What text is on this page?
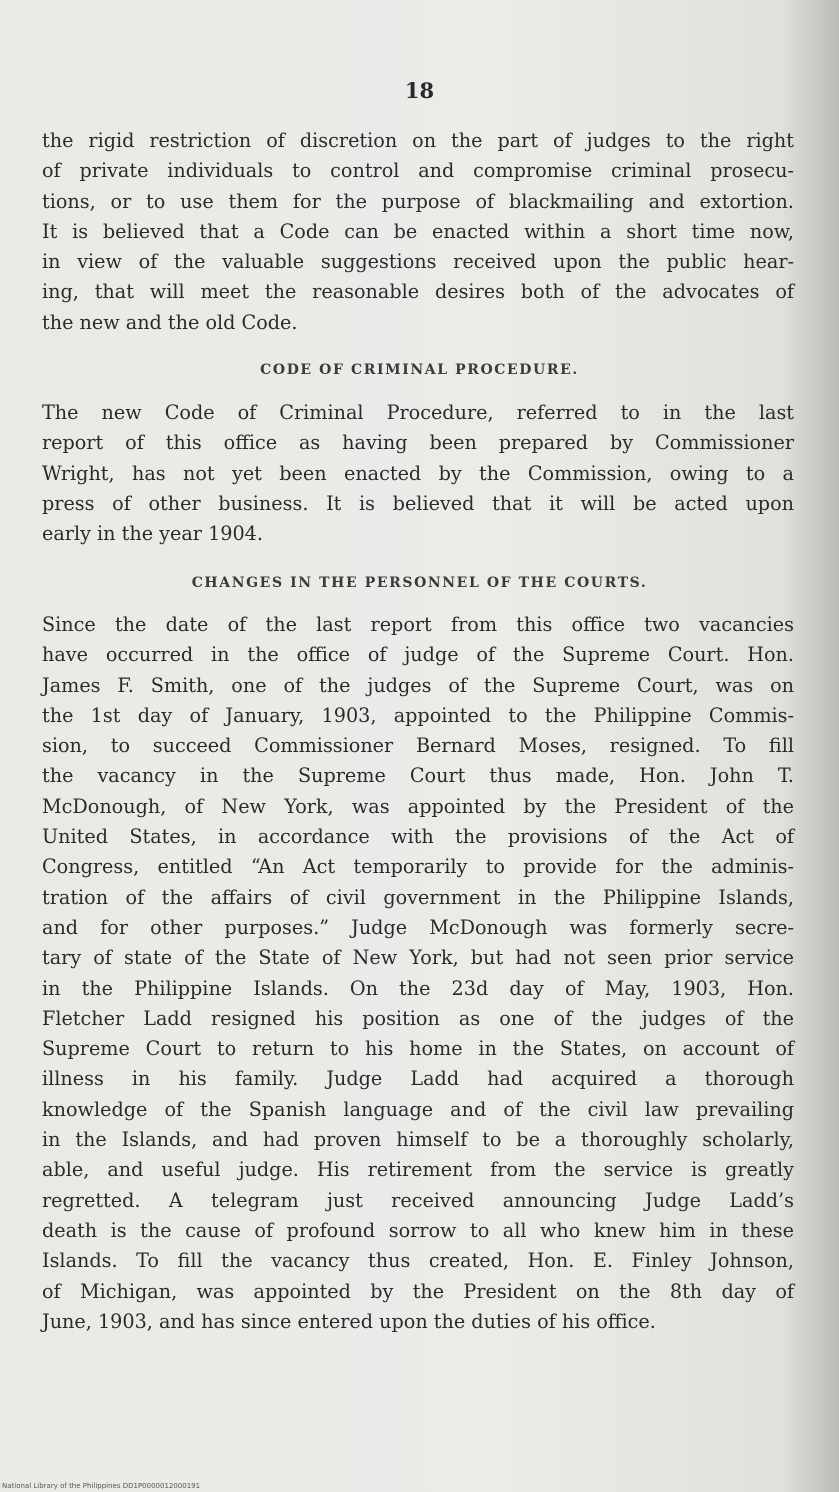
18
the rigid restriction of discretion on the part of judges to the right
of private individuals to control and compromise criminal prosecu-
tions, or to use them for the purpose of blackmailing and extortion.
It is believed that a Code can be enacted within a short time now,
in view of the valuable suggestions received upon the public hear-
ing, that will meet the reasonable desires both of the advocates of
the new and the old Code.
CODE OF CRIMINAL PROCEDURE.
The new Code of Criminal Procedure, referred to in the last
report of this office as having been prepared by Commissioner
Wright, has not yet been enacted by the Commission, owing to a
press of other business. It is believed that it will be acted upon
early in the year 1904.
CHANGES IN THE PERSONNEL OF THE COURTS.
Since the date of the last report from this office two vacancies
have occurred in the office of judge of the Supreme Court. Hon.
James F. Smith, one of the judges of the Supreme Court, was on
the 1st day of January, 1903, appointed to the Philippine Commis-
sion, to succeed Commissioner Bernard Moses, resigned. To fill
the vacancy in the Supreme Court thus made, Hon. John T.
McDonough, of New York, was appointed by the President of the
United States, in accordance with the provisions of the Act of
Congress, entitled “An Act temporarily to provide for the adminis-
tration of the affairs of civil government in the Philippine Islands,
and for other purposes.” Judge McDonough was formerly secre-
tary of state of the State of New York, but had not seen prior service
in the Philippine Islands. On the 23d day of May, 1903, Hon.
Fletcher Ladd resigned his position as one of the judges of the
Supreme Court to return to his home in the States, on account of
illness in his family. Judge Ladd had acquired a thorough
knowledge of the Spanish language and of the civil law prevailing
in the Islands, and had proven himself to be a thoroughly scholarly,
able, and useful judge. His retirement from the service is greatly
regretted. A telegram just received announcing Judge Ladd’s
death is the cause of profound sorrow to all who knew him in these
Islands. To fill the vacancy thus created, Hon. E. Finley Johnson,
of Michigan, was appointed by the President on the 8th day of
June, 1903, and has since entered upon the duties of his office.
National Library of the Philippines DD1P0000012000191
